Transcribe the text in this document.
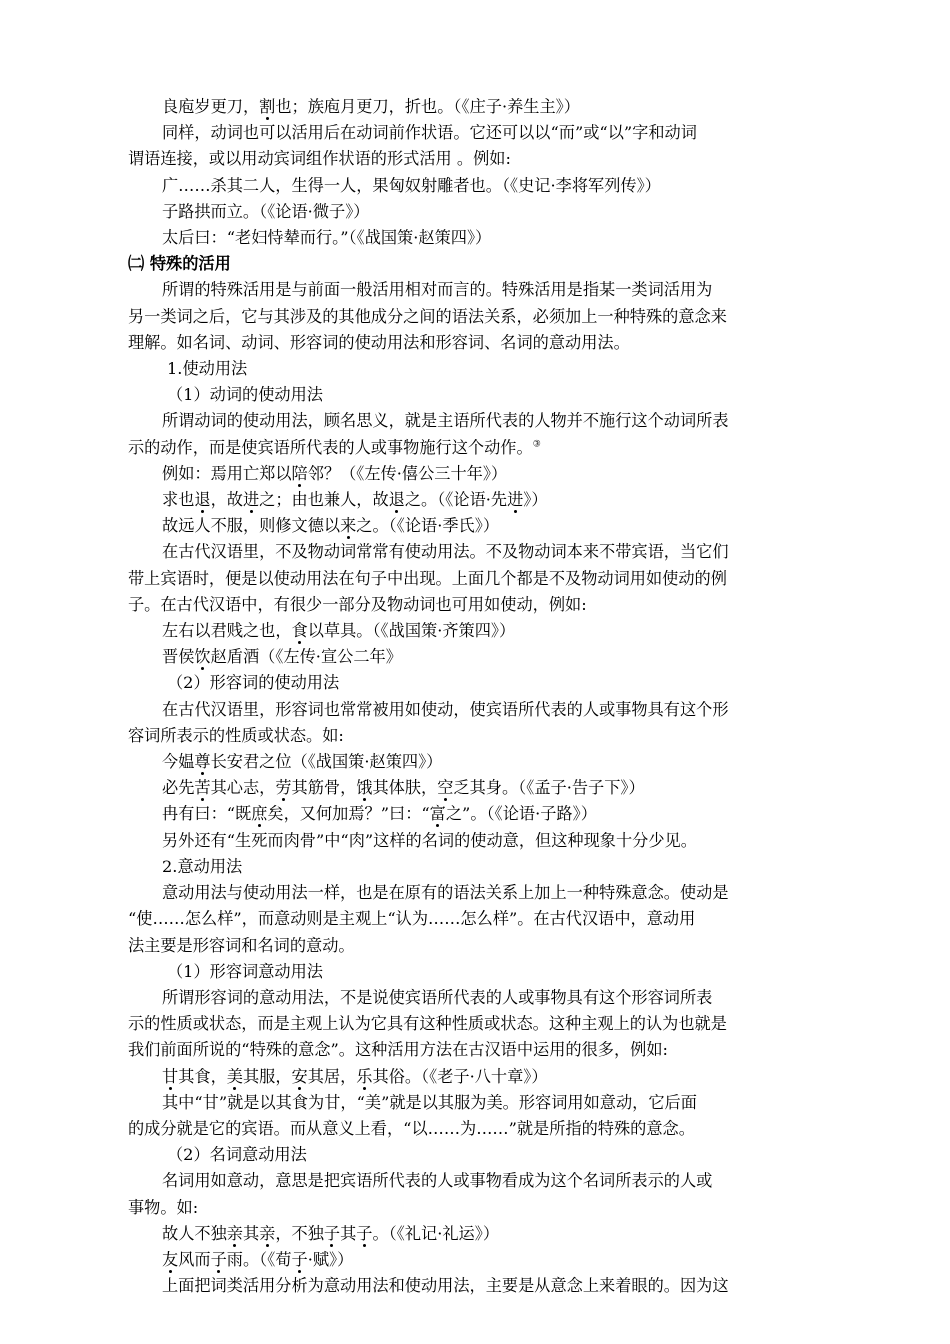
良庖岁更刀，割也；族庖月更刀，折也。（《庄子·养生主》）

同样，动词也可以活用后在动词前作状语。它还可以以“而”或“以”字和动词

谓语连接，或以用动宾词组作状语的形式活用 。例如:

广……杀其二人，生得一人，果匈奴射雕者也。（《史记·李将军列传》）

子路拱而立。（《论语·微子》）

太后曰：“老妇恃辇而行。”（《战国策·赵策四》）

㈡ 特殊的活用

所谓的特殊活用是与前面一般活用相对而言的。特殊活用是指某一类词活用为

另一类词之后，它与其涉及的其他成分之间的语法关系，必须加上一种特殊的意念来

理解。如名词、动词、形容词的使动用法和形容词、名词的意动用法。

1.使动用法

（1）动词的使动用法

所谓动词的使动用法，顾名思义，就是主语所代表的人物并不施行这个动词所表

示的动作，而是使宾语所代表的人或事物施行这个动作。③

例如：焉用亡郑以陪邻？（《左传·僖公三十年》）

求也退，故进之；由也兼人，故退之。（《论语·先进》）

故远人不服，则修文德以来之。（《论语·季氏》）

在古代汉语里，不及物动词常常有使动用法。不及物动词本来不带宾语，当它们

带上宾语时，便是以使动用法在句子中出现。上面几个都是不及物动词用如使动的例

子。在古代汉语中，有很少一部分及物动词也可用如使动，例如:

左右以君贱之也，食以草具。（《战国策·齐策四》）

晋侯饮赵盾酒（《左传·宣公二年》

（2）形容词的使动用法

在古代汉语里，形容词也常常被用如使动，使宾语所代表的人或事物具有这个形

容词所表示的性质或状态。如:

今媪尊长安君之位（《战国策·赵策四》）

必先苦其心志，劳其筋骨，饿其体肤，空乏其身。（《孟子·告子下》）

冉有曰：“既庶矣，又何加焉？”曰：“富之”。（《论语·子路》）

另外还有“生死而肉骨”中“肉”这样的名词的使动意，但这种现象十分少见。

2.意动用法

意动用法与使动用法一样，也是在原有的语法关系上加上一种特殊意念。使动是

“使……怎么样”，而意动则是主观上“认为……怎么样”。在古代汉语中，意动用

法主要是形容词和名词的意动。

（1）形容词意动用法

所谓形容词的意动用法，不是说使宾语所代表的人或事物具有这个形容词所表

示的性质或状态，而是主观上认为它具有这种性质或状态。这种主观上的认为也就是

我们前面所说的“特殊的意念”。这种活用方法在古汉语中运用的很多，例如:

甘其食，美其服，安其居，乐其俗。（《老子·八十章》）

其中“甘”就是以其食为甘，“美”就是以其服为美。形容词用如意动，它后面

的成分就是它的宾语。而从意义上看，“以……为……”就是所指的特殊的意念。

（2）名词意动用法

名词用如意动，意思是把宾语所代表的人或事物看成为这个名词所表示的人或

事物。如:

故人不独亲其亲，不独子其子。（《礼记·礼运》）

友风而子雨。（《荀子·赋》）

上面把词类活用分析为意动用法和使动用法，主要是从意念上来着眼的。因为这
